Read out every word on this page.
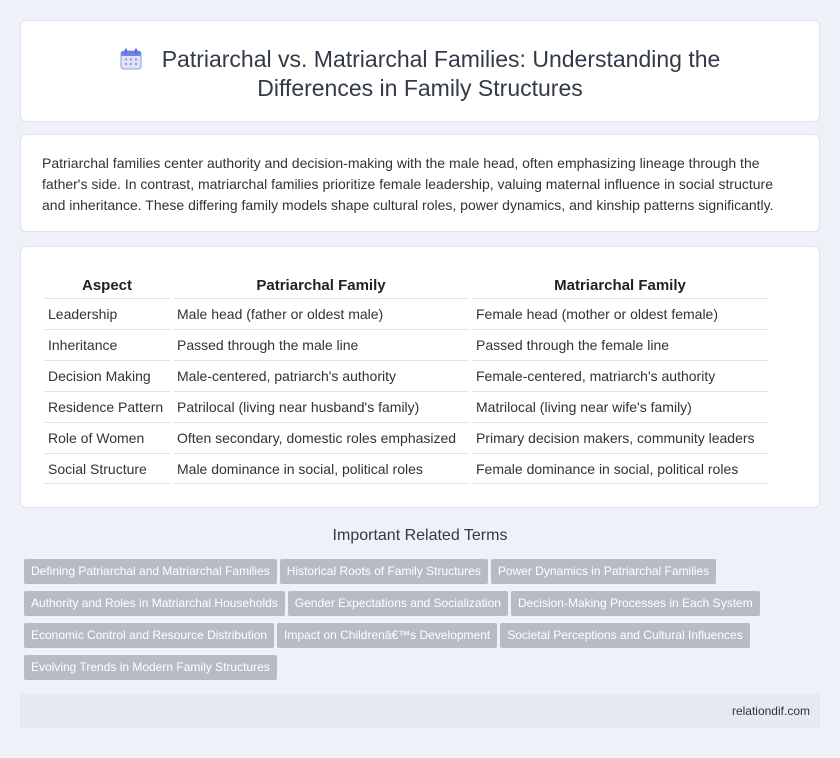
Patriarchal vs. Matriarchal Families: Understanding the Differences in Family Structures

Patriarchal families center authority and decision-making with the male head, often emphasizing lineage through the father's side. In contrast, matriarchal families prioritize female leadership, valuing maternal influence in social structure and inheritance. These differing family models shape cultural roles, power dynamics, and kinship patterns significantly.

Aspect	Patriarchal Family	Matriarchal Family
Leadership	Male head (father or oldest male)	Female head (mother or oldest female)
Inheritance	Passed through the male line	Passed through the female line
Decision Making	Male-centered, patriarch's authority	Female-centered, matriarch's authority
Residence Pattern	Patrilocal (living near husband's family)	Matrilocal (living near wife's family)
Role of Women	Often secondary, domestic roles emphasized	Primary decision makers, community leaders
Social Structure	Male dominance in social, political roles	Female dominance in social, political roles
Important Related Terms
Defining Patriarchal and Matriarchal Families Historical Roots of Family Structures Power Dynamics in Patriarchal Families
Authority and Roles in Matriarchal Households Gender Expectations and Socialization Decision-Making Processes in Each System
Economic Control and Resource Distribution Impact on Childrenâ€™s Development Societal Perceptions and Cultural Influences
Evolving Trends in Modern Family Structures
relationdif.com
